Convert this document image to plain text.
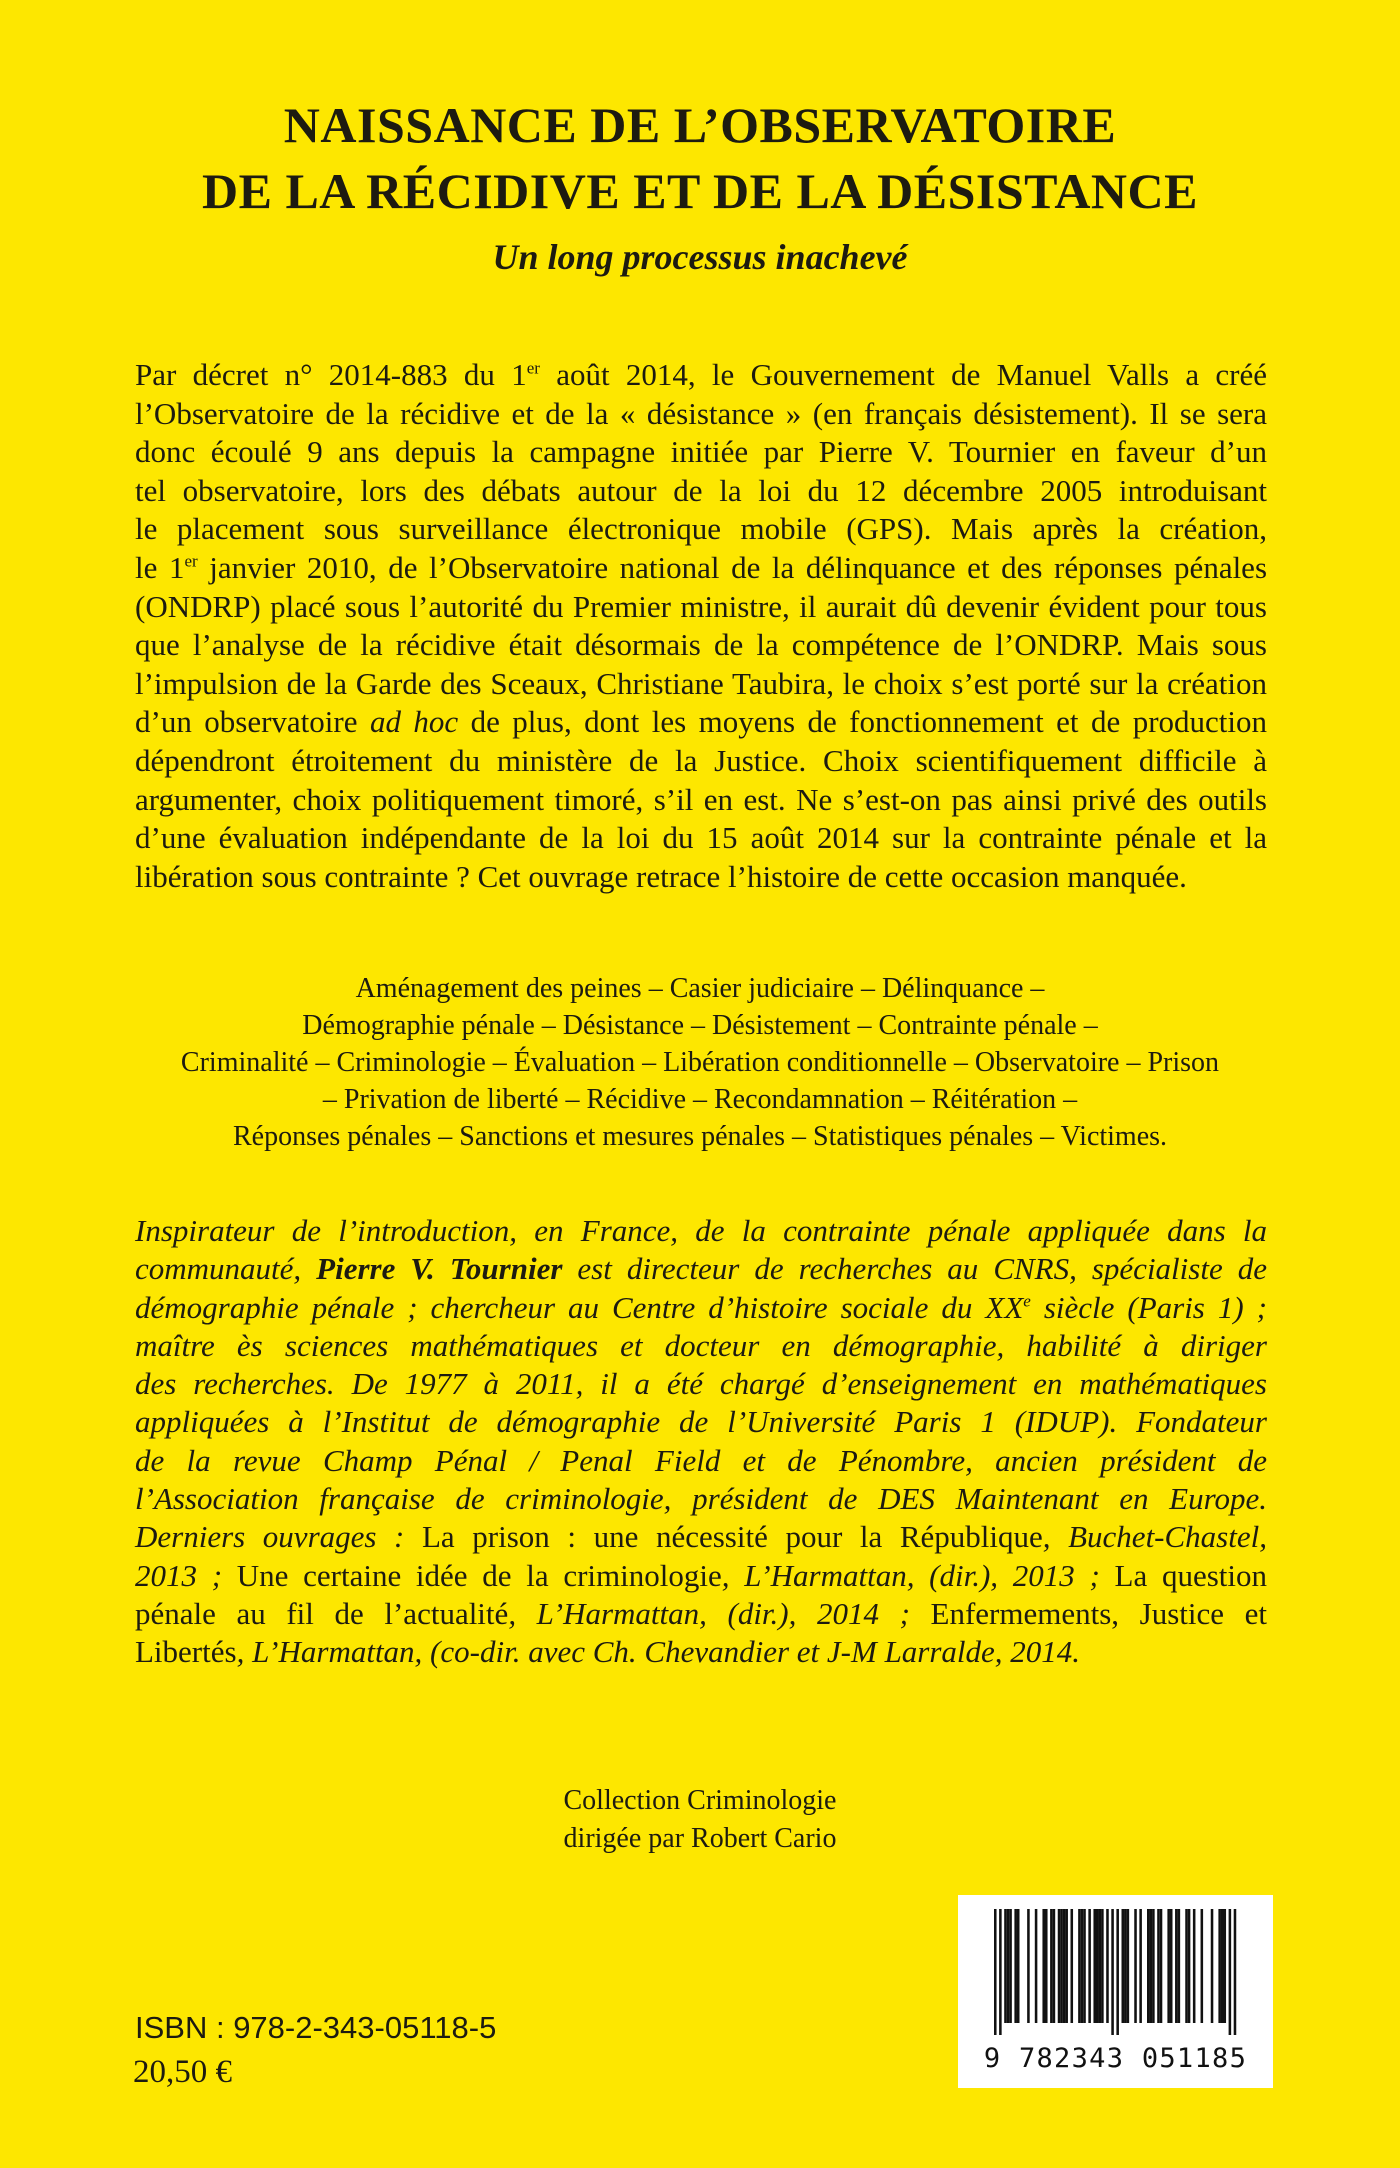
NAISSANCE DE L’OBSERVATOIRE
DE LA RÉCIDIVE ET DE LA DÉSISTANCE

Un long processus inachevé

Par décret n° 2014-883 du 1er août 2014, le Gouvernement de Manuel Valls a créé
l’Observatoire de la récidive et de la « désistance » (en français désistement). Il se sera
donc écoulé 9 ans depuis la campagne initiée par Pierre V. Tournier en faveur d’un
tel observatoire, lors des débats autour de la loi du 12 décembre 2005 introduisant
le placement sous surveillance électronique mobile (GPS). Mais après la création,
le 1er janvier 2010, de l’Observatoire national de la délinquance et des réponses pénales
(ONDRP) placé sous l’autorité du Premier ministre, il aurait dû devenir évident pour tous
que l’analyse de la récidive était désormais de la compétence de l’ONDRP. Mais sous
l’impulsion de la Garde des Sceaux, Christiane Taubira, le choix s’est porté sur la création
d’un observatoire ad hoc de plus, dont les moyens de fonctionnement et de production
dépendront étroitement du ministère de la Justice. Choix scientifiquement difficile à
argumenter, choix politiquement timoré, s’il en est. Ne s’est-on pas ainsi privé des outils
d’une évaluation indépendante de la loi du 15 août 2014 sur la contrainte pénale et la
libération sous contrainte ? Cet ouvrage retrace l’histoire de cette occasion manquée.
Aménagement des peines – Casier judiciaire – Délinquance –
Démographie pénale – Désistance – Désistement – Contrainte pénale –
Criminalité – Criminologie – Évaluation – Libération conditionnelle – Observatoire – Prison
– Privation de liberté – Récidive – Recondamnation – Réitération –
Réponses pénales – Sanctions et mesures pénales – Statistiques pénales – Victimes.
Inspirateur de l’introduction, en France, de la contrainte pénale appliquée dans la
communauté, Pierre V. Tournier est directeur de recherches au CNRS, spécialiste de
démographie pénale ; chercheur au Centre d’histoire sociale du XXe siècle (Paris 1) ;
maître ès sciences mathématiques et docteur en démographie, habilité à diriger
des recherches. De 1977 à 2011, il a été chargé d’enseignement en mathématiques
appliquées à l’Institut de démographie de l’Université Paris 1 (IDUP). Fondateur
de la revue Champ Pénal / Penal Field et de Pénombre, ancien président de
l’Association française de criminologie, président de DES Maintenant en Europe.
Derniers ouvrages : La prison : une nécessité pour la République, Buchet-Chastel,
2013 ; Une certaine idée de la criminologie, L’Harmattan, (dir.), 2013 ; La question
pénale au fil de l’actualité, L’Harmattan, (dir.), 2014 ; Enfermements, Justice et
Libertés, L’Harmattan, (co-dir. avec Ch. Chevandier et J-M Larralde, 2014.
Collection Criminologie
dirigée par Robert Cario
9 782343 051185
ISBN : 978-2-343-05118-5
20,50 €
